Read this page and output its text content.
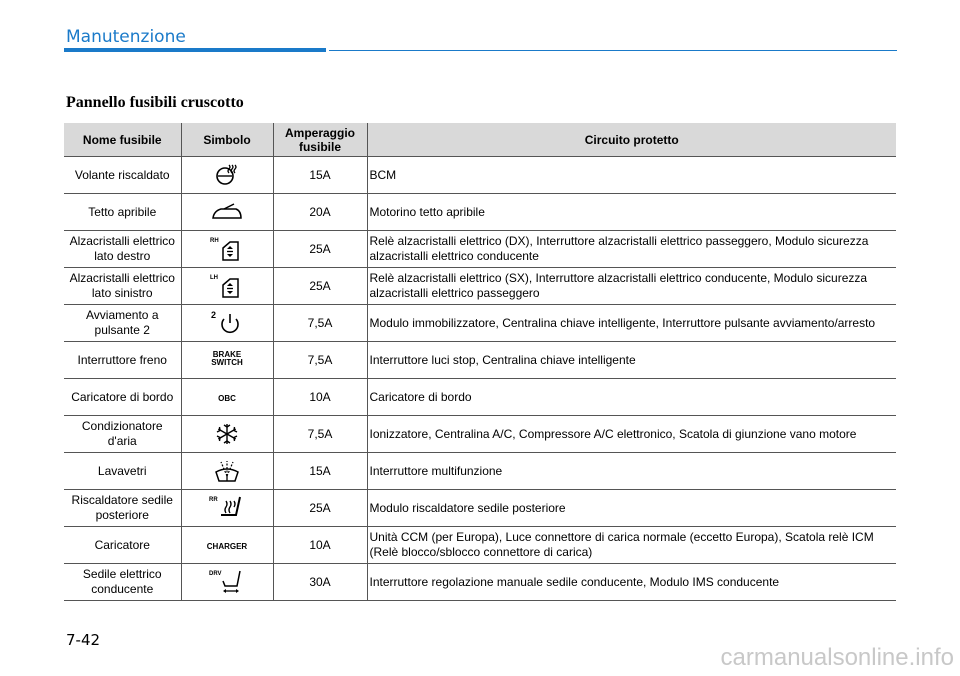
Manutenzione
Pannello fusibili cruscotto
Nome fusibile	Simbolo	Amperaggio fusibile	Circuito protetto
Volante riscaldato		15A	BCM
Tetto apribile		20A	Motorino tetto apribile
Alzacristalli elettrico lato destro	RH	25A	Relè alzacristalli elettrico (DX), Interruttore alzacristalli elettrico passeggero, Modulo sicurezza alzacristalli elettrico conducente
Alzacristalli elettrico lato sinistro	LH	25A	Relè alzacristalli elettrico (SX), Interruttore alzacristalli elettrico conducente, Modulo sicurezza alzacristalli elettrico passeggero
Avviamento a pulsante 2	2	7,5A	Modulo immobilizzatore, Centralina chiave intelligente, Interruttore pulsante avviamento/arresto
Interruttore freno	BRAKE SWITCH	7,5A	Interruttore luci stop, Centralina chiave intelligente
Caricatore di bordo	OBC	10A	Caricatore di bordo
Condizionatore d'aria		7,5A	Ionizzatore, Centralina A/C, Compressore A/C elettronico, Scatola di giunzione vano motore
Lavavetri		15A	Interruttore multifunzione
Riscaldatore sedile posteriore	RR	25A	Modulo riscaldatore sedile posteriore
Caricatore	CHARGER	10A	Unità CCM (per Europa), Luce connettore di carica normale (eccetto Europa), Scatola relè ICM (Relè blocco/sblocco connettore di carica)
Sedile elettrico conducente	DRV	30A	Interruttore regolazione manuale sedile conducente, Modulo IMS conducente
7-42
carmanualsonline.info
